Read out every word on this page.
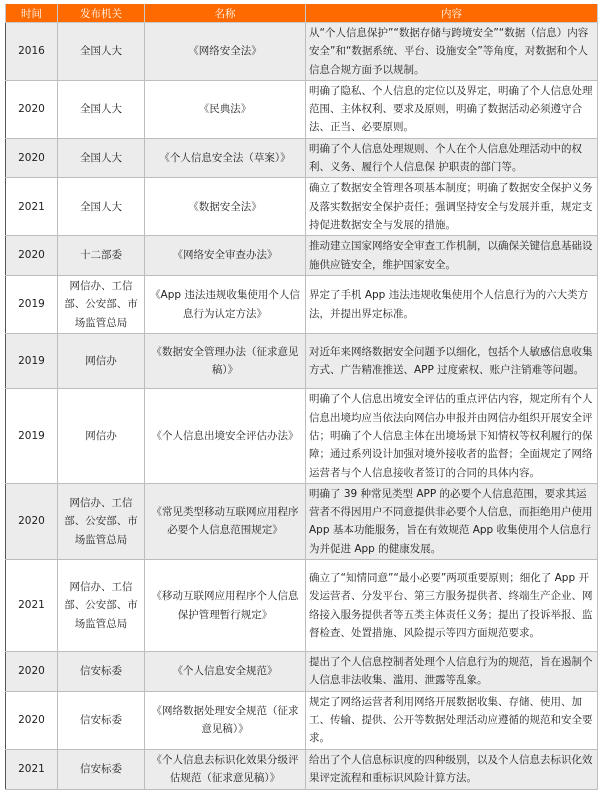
时间	发布机关	名称	内容
2016	全国人大	《网络安全法》	从“个人信息保护”“数据存储与跨境安全”“数据（信息）内容安全”和“数据系统、平台、设施安全”等角度，对数据和个人信息合规方面予以规制。
2020	全国人大	《民典法》	明确了隐私、个人信息的定位以及界定，明确了个人信息处理范围、主体权利、要求及原则，明确了数据活动必须遵守合法、正当、必要原则。
2020	全国人大	《个人信息安全法（草案）》	明确了个人信息处理规则、个人在个人信息处理活动中的权利、义务、履行个人信息保 护职责的部门等。
2021	全国人大	《数据安全法》	确立了数据安全管理各项基本制度；明确了数据安全保护义务及落实数据安全保护责任；强调坚持安全与发展并重，规定支持促进数据安全与发展的措施。
2020	十二部委	《网络安全审查办法》	推动建立国家网络安全审查工作机制，以确保关键信息基础设施供应链安全，维护国家安全。
2019	网信办、工信部、公安部、市场监管总局	《App 违法违规收集使用个人信息行为认定方法》	界定了手机 App 违法违规收集使用个人信息行为的六大类方法，并提出界定标准。
2019	网信办	《数据安全管理办法（征求意见稿）》	对近年来网络数据安全问题予以细化，包括个人敏感信息收集方式、广告精准推送、APP 过度索权、账户注销难等问题。
2019	网信办	《个人信息出境安全评估办法》	明确了个人信息出境安全评估的重点评估内容，规定所有个人信息出境均应当依法向网信办申报并由网信办组织开展安全评估；明确了个人信息主体在出境场景下知情权等权利履行的保障；通过系列设计加强对境外接收者的监督；全面规定了网络运营者与个人信息接收者签订的合同的具体内容。
2020	网信办、工信部、公安部、市场监管总局	《常见类型移动互联网应用程序必要个人信息范围规定》	明确了 39 种常见类型 APP 的必要个人信息范围，要求其运营者不得因用户不同意提供非必要个人信息，而拒绝用户使用 App 基本功能服务，旨在有效规范 App 收集使用个人信息行为并促进 App 的健康发展。
2021	网信办、工信部、公安部、市场监管总局	《移动互联网应用程序个人信息保护管理暂行规定》	确立了“知情同意”“最小必要”两项重要原则；细化了 App 开发运营者、分发平台、第三方服务提供者、终端生产企业、网络接入服务提供者等五类主体责任义务；提出了投诉举报、监督检查、处置措施、风险提示等四方面规范要求。
2020	信安标委	《个人信息安全规范》	提出了个人信息控制者处理个人信息行为的规范，旨在遏制个人信息非法收集、滥用、泄露等乱象。
2020	信安标委	《网络数据处理安全规范（征求意见稿）》	规定了网络运营者利用网络开展数据收集、存储、使用、加工、传输、提供、公开等数据处理活动应遵循的规范和安全要求。
2021	信安标委	《个人信息去标识化效果分级评估规范（征求意见稿）》	给出了个人信息标识度的四种级别，以及个人信息去标识化效果评定流程和重标识风险计算方法。
